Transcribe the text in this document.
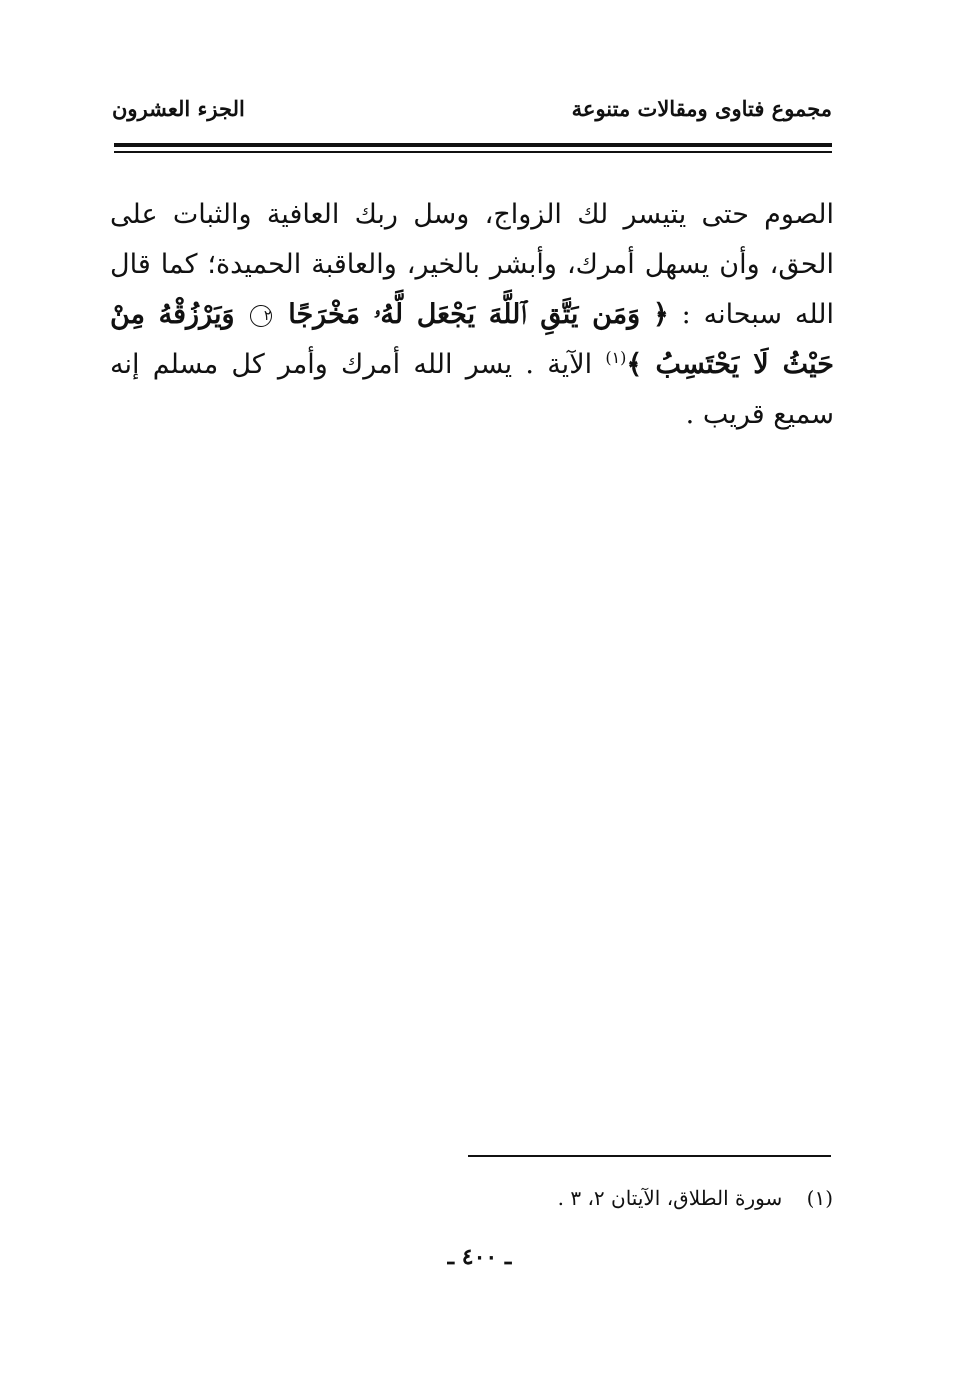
مجموع فتاوى ومقالات متنوعة
الجزء العشرون
الصوم حتى يتيسر لك الزواج، وسل ربك العافية والثبات على الحق، وأن يسهل أمرك، وأبشر بالخير، والعاقبة الحميدة؛ كما قال الله سبحانه : ﴿ وَمَن يَتَّقِ ٱللَّهَ يَجْعَل لَّهُۥ مَخْرَجًا ٢ وَيَرْزُقْهُ مِنْ حَيْثُ لَا يَحْتَسِبُ ﴾$^{(١)}$ الآية . يسر الله أمرك وأمر كل مسلم إنه سميع قريب .
(١) سورة الطلاق، الآيتان ٢، ٣ .
ـ ٤٠٠ ـ
